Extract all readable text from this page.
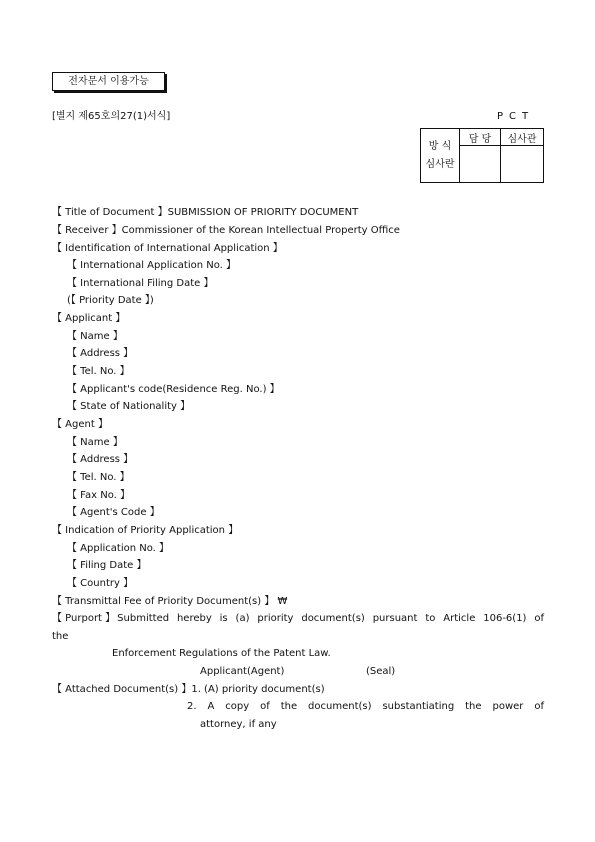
전자문서 이용가능
[별지 제65호의27(1)서식]	PCT
방 식
심사란	담 당	심사관

【 Title of Document 】SUBMISSION OF PRIORITY DOCUMENT
【 Receiver 】Commissioner of the Korean Intellectual Property Office
【 Identification of International Application 】
【 International Application No. 】
【 International Filing Date 】
(【 Priority Date 】)
【 Applicant 】
【 Name 】
【 Address 】
【 Tel. No. 】
【 Applicant's code(Residence Reg. No.) 】
【 State of Nationality 】
【 Agent 】
【 Name 】
【 Address 】
【 Tel. No. 】
【 Fax No. 】
【 Agent's Code 】
【 Indication of Priority Application 】
【 Application No. 】
【 Filing Date 】
【 Country 】
【 Transmittal Fee of Priority Document(s) 】 ₩
【 Purport 】 Submitted hereby is (a) priority document(s) pursuant to Article 106-6(1) of
the
Enforcement Regulations of the Patent Law.
Applicant(Agent)	(Seal)
【 Attached Document(s) 】1. (A) priority document(s)
2. A copy of the document(s) substantiating the power of
attorney, if any
